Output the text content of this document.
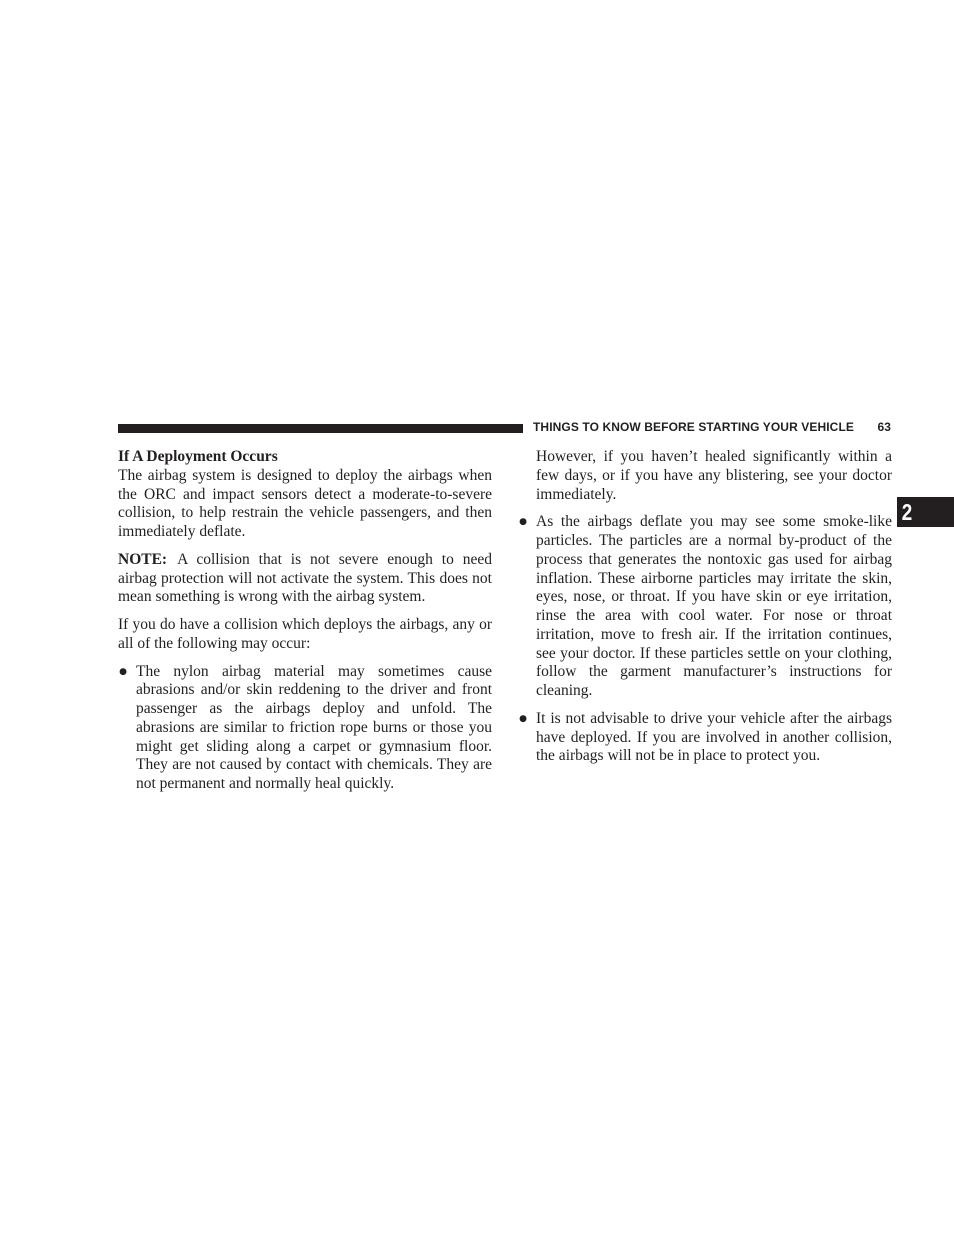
THINGS TO KNOW BEFORE STARTING YOUR VEHICLE 63
2
If A Deployment Occurs

The airbag system is designed to deploy the airbags when the ORC and impact sensors detect a moderate-to-severe collision, to help restrain the vehicle passengers, and then immediately deflate.

NOTE: A collision that is not severe enough to need airbag protection will not activate the system. This does not mean something is wrong with the airbag system.

If you do have a collision which deploys the airbags, any or all of the following may occur:

● The nylon airbag material may sometimes cause abrasions and/or skin reddening to the driver and front passenger as the airbags deploy and unfold. The abrasions are similar to friction rope burns or those you might get sliding along a carpet or gymnasium floor. They are not caused by contact with chemicals. They are not permanent and normally heal quickly.

However, if you haven’t healed significantly within a few days, or if you have any blistering, see your doctor immediately.

● As the airbags deflate you may see some smoke-like particles. The particles are a normal by-product of the process that generates the nontoxic gas used for airbag inflation. These airborne particles may irritate the skin, eyes, nose, or throat. If you have skin or eye irritation, rinse the area with cool water. For nose or throat irritation, move to fresh air. If the irritation continues, see your doctor. If these particles settle on your clothing, follow the garment manufacturer’s instructions for cleaning.
● It is not advisable to drive your vehicle after the airbags have deployed. If you are involved in another collision, the airbags will not be in place to protect you.
